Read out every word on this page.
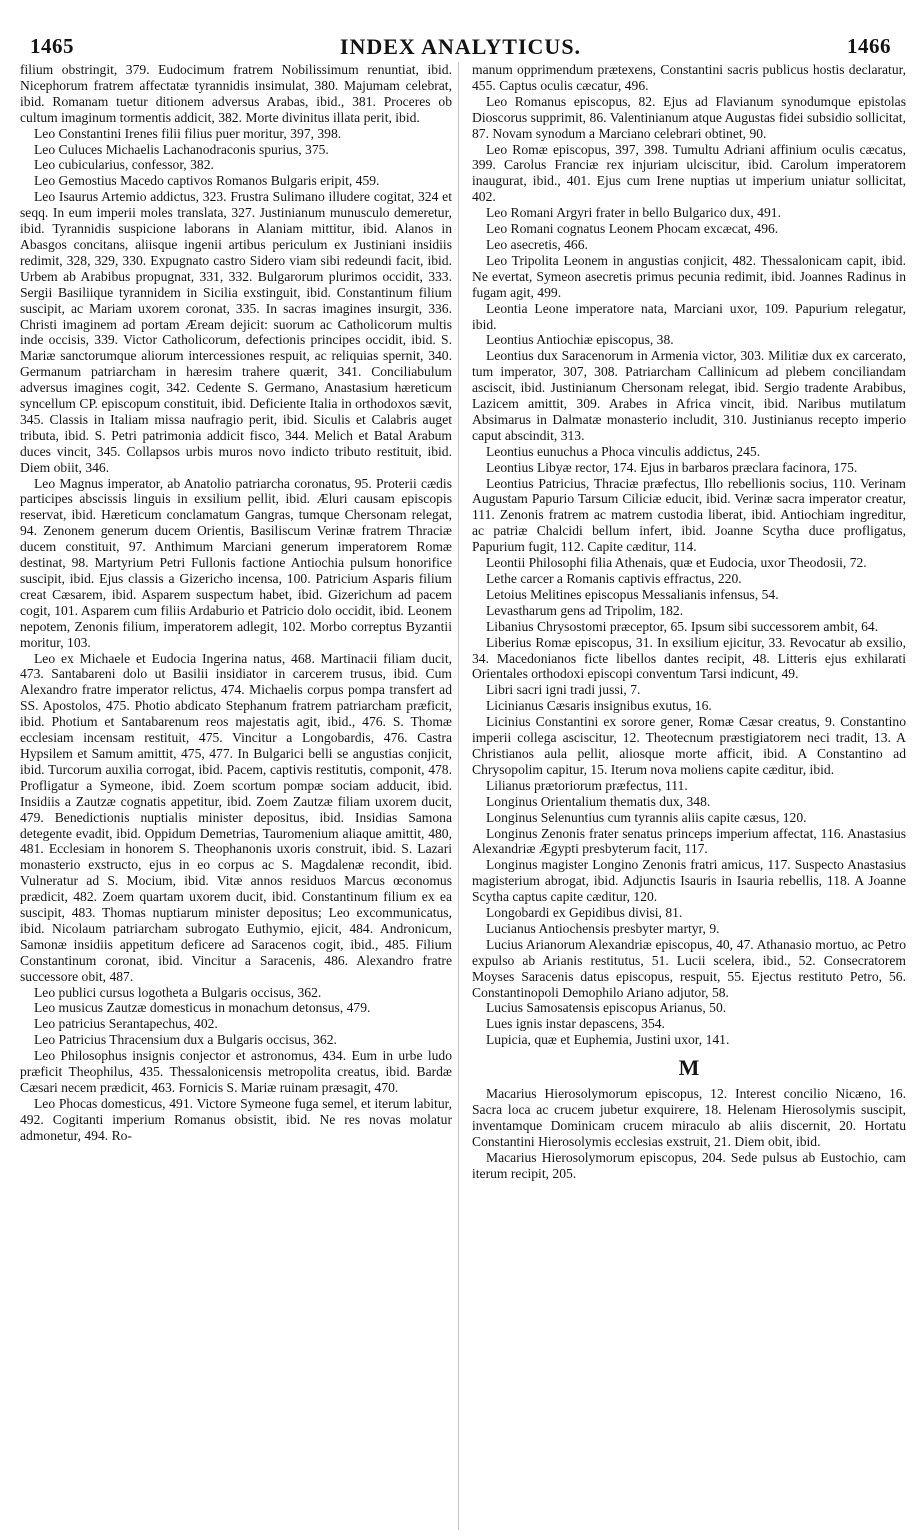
1465	INDEX ANALYTICUS.	1466

filium obstringit, 379. Eudocimum fratrem Nobilissimum renuntiat, ibid. Nicephorum fratrem affectatæ tyrannidis insimulat, 380. Majumam celebrat, ibid. Romanam tuetur ditionem adversus Arabas, ibid., 381. Proceres ob cultum imaginum tormentis addicit, 382. Morte divinitus illata perit, ibid.

Leo Constantini Irenes filii filius puer moritur, 397, 398.

Leo Culuces Michaelis Lachanodraconis spurius, 375.

Leo cubicularius, confessor, 382.

Leo Gemostius Macedo captivos Romanos Bulgaris eripit, 459.

Leo Isaurus Artemio addictus, 323. Frustra Sulimano illudere cogitat, 324 et seqq. In eum imperii moles translata, 327. Justinianum munusculo demeretur, ibid. Tyrannidis suspicione laborans in Alaniam mittitur, ibid. Alanos in Abasgos concitans, aliisque ingenii artibus periculum ex Justiniani insidiis redimit, 328, 329, 330. Expugnato castro Sidero viam sibi redeundi facit, ibid. Urbem ab Arabibus propugnat, 331, 332. Bulgarorum plurimos occidit, 333. Sergii Basiliique tyrannidem in Sicilia exstinguit, ibid. Constantinum filium suscipit, ac Mariam uxorem coronat, 335. In sacras imagines insurgit, 336. Christi imaginem ad portam Æream dejicit: suorum ac Catholicorum multis inde occisis, 339. Victor Catholicorum, defectionis principes occidit, ibid. S. Mariæ sanctorumque aliorum intercessiones respuit, ac reliquias spernit, 340. Germanum patriarcham in hæresim trahere quærit, 341. Conciliabulum adversus imagines cogit, 342. Cedente S. Germano, Anastasium hæreticum syncellum CP. episcopum constituit, ibid. Deficiente Italia in orthodoxos sævit, 345. Classis in Italiam missa naufragio perit, ibid. Siculis et Calabris auget tributa, ibid. S. Petri patrimonia addicit fisco, 344. Melich et Batal Arabum duces vincit, 345. Collapsos urbis muros novo indicto tributo restituit, ibid. Diem obiit, 346.

Leo Magnus imperator, ab Anatolio patriarcha coronatus, 95. Proterii cædis participes abscissis linguis in exsilium pellit, ibid. Æluri causam episcopis reservat, ibid. Hæreticum conclamatum Gangras, tumque Chersonam relegat, 94. Zenonem generum ducem Orientis, Basiliscum Verinæ fratrem Thraciæ ducem constituit, 97. Anthimum Marciani generum imperatorem Romæ destinat, 98. Martyrium Petri Fullonis factione Antiochia pulsum honorifice suscipit, ibid. Ejus classis a Gizericho incensa, 100. Patricium Asparis filium creat Cæsarem, ibid. Asparem suspectum habet, ibid. Gizerichum ad pacem cogit, 101. Asparem cum filiis Ardaburio et Patricio dolo occidit, ibid. Leonem nepotem, Zenonis filium, imperatorem adlegit, 102. Morbo correptus Byzantii moritur, 103.

Leo ex Michaele et Eudocia Ingerina natus, 468. Martinacii filiam ducit, 473. Santabareni dolo ut Basilii insidiator in carcerem trusus, ibid. Cum Alexandro fratre imperator relictus, 474. Michaelis corpus pompa transfert ad SS. Apostolos, 475. Photio abdicato Stephanum fratrem patriarcham præficit, ibid. Photium et Santabarenum reos majestatis agit, ibid., 476. S. Thomæ ecclesiam incensam restituit, 475. Vincitur a Longobardis, 476. Castra Hypsilem et Samum amittit, 475, 477. In Bulgarici belli se angustias conjicit, ibid. Turcorum auxilia corrogat, ibid. Pacem, captivis restitutis, componit, 478. Profligatur a Symeone, ibid. Zoem scortum pompæ sociam adducit, ibid. Insidiis a Zautzæ cognatis appetitur, ibid. Zoem Zautzæ filiam uxorem ducit, 479. Benedictionis nuptialis minister depositus, ibid. Insidias Samona detegente evadit, ibid. Oppidum Demetrias, Tauromenium aliaque amittit, 480, 481. Ecclesiam in honorem S. Theophanonis uxoris construit, ibid. S. Lazari monasterio exstructo, ejus in eo corpus ac S. Magdalenæ recondit, ibid. Vulneratur ad S. Mocium, ibid. Vitæ annos residuos Marcus œconomus prædicit, 482. Zoem quartam uxorem ducit, ibid. Constantinum filium ex ea suscipit, 483. Thomas nuptiarum minister depositus; Leo excommunicatus, ibid. Nicolaum patriarcham subrogato Euthymio, ejicit, 484. Andronicum, Samonæ insidiis appetitum deficere ad Saracenos cogit, ibid., 485. Filium Constantinum coronat, ibid. Vincitur a Saracenis, 486. Alexandro fratre successore obit, 487.

Leo publici cursus logotheta a Bulgaris occisus, 362.

Leo musicus Zautzæ domesticus in monachum detonsus, 479.

Leo patricius Serantapechus, 402.

Leo Patricius Thracensium dux a Bulgaris occisus, 362.

Leo Philosophus insignis conjector et astronomus, 434. Eum in urbe ludo præficit Theophilus, 435. Thessalonicensis metropolita creatus, ibid. Bardæ Cæsari necem prædicit, 463. Fornicis S. Mariæ ruinam præsagit, 470.

Leo Phocas domesticus, 491. Victore Symeone fuga semel, et iterum labitur, 492. Cogitanti imperium Romanus obsistit, ibid. Ne res novas molatur admonetur, 494. Ro-

manum opprimendum prætexens, Constantini sacris publicus hostis declaratur, 455. Captus oculis cæcatur, 496.

Leo Romanus episcopus, 82. Ejus ad Flavianum synodumque epistolas Dioscorus supprimit, 86. Valentinianum atque Augustas fidei subsidio sollicitat, 87. Novam synodum a Marciano celebrari obtinet, 90.

Leo Romæ episcopus, 397, 398. Tumultu Adriani affinium oculis cæcatus, 399. Carolus Franciæ rex injuriam ulciscitur, ibid. Carolum imperatorem inaugurat, ibid., 401. Ejus cum Irene nuptias ut imperium uniatur sollicitat, 402.

Leo Romani Argyri frater in bello Bulgarico dux, 491.

Leo Romani cognatus Leonem Phocam excæcat, 496.

Leo asecretis, 466.

Leo Tripolita Leonem in angustias conjicit, 482. Thessalonicam capit, ibid. Ne evertat, Symeon asecretis primus pecunia redimit, ibid. Joannes Radinus in fugam agit, 499.

Leontia Leone imperatore nata, Marciani uxor, 109. Papurium relegatur, ibid.

Leontius Antiochiæ episcopus, 38.

Leontius dux Saracenorum in Armenia victor, 303. Militiæ dux ex carcerato, tum imperator, 307, 308. Patriarcham Callinicum ad plebem conciliandam asciscit, ibid. Justinianum Chersonam relegat, ibid. Sergio tradente Arabibus, Lazicem amittit, 309. Arabes in Africa vincit, ibid. Naribus mutilatum Absimarus in Dalmatæ monasterio includit, 310. Justinianus recepto imperio caput abscindit, 313.

Leontius eunuchus a Phoca vinculis addictus, 245.

Leontius Libyæ rector, 174. Ejus in barbaros præclara facinora, 175.

Leontius Patricius, Thraciæ præfectus, Illo rebellionis socius, 110. Verinam Augustam Papurio Tarsum Ciliciæ educit, ibid. Verinæ sacra imperator creatur, 111. Zenonis fratrem ac matrem custodia liberat, ibid. Antiochiam ingreditur, ac patriæ Chalcidi bellum infert, ibid. Joanne Scytha duce profligatus, Papurium fugit, 112. Capite cæditur, 114.

Leontii Philosophi filia Athenais, quæ et Eudocia, uxor Theodosii, 72.

Lethe carcer a Romanis captivis effractus, 220.

Letoius Melitines episcopus Messalianis infensus, 54.

Levastharum gens ad Tripolim, 182.

Libanius Chrysostomi præceptor, 65. Ipsum sibi successorem ambit, 64.

Liberius Romæ episcopus, 31. In exsilium ejicitur, 33. Revocatur ab exsilio, 34. Macedonianos ficte libellos dantes recipit, 48. Litteris ejus exhilarati Orientales orthodoxi episcopi conventum Tarsi indicunt, 49.

Libri sacri igni tradi jussi, 7.

Licinianus Cæsaris insignibus exutus, 16.

Licinius Constantini ex sorore gener, Romæ Cæsar creatus, 9. Constantino imperii collega asciscitur, 12. Theotecnum præstigiatorem neci tradit, 13. A Christianos aula pellit, aliosque morte afficit, ibid. A Constantino ad Chrysopolim capitur, 15. Iterum nova moliens capite cæditur, ibid.

Lilianus prætoriorum præfectus, 111.

Longinus Orientalium thematis dux, 348.

Longinus Selenuntius cum tyrannis aliis capite cæsus, 120.

Longinus Zenonis frater senatus princeps imperium affectat, 116. Anastasius Alexandriæ Ægypti presbyterum facit, 117.

Longinus magister Longino Zenonis fratri amicus, 117. Suspecto Anastasius magisterium abrogat, ibid. Adjunctis Isauris in Isauria rebellis, 118. A Joanne Scytha captus capite cæditur, 120.

Longobardi ex Gepidibus divisi, 81.

Lucianus Antiochensis presbyter martyr, 9.

Lucius Arianorum Alexandriæ episcopus, 40, 47. Athanasio mortuo, ac Petro expulso ab Arianis restitutus, 51. Lucii scelera, ibid., 52. Consecratorem Moyses Saracenis datus episcopus, respuit, 55. Ejectus restituto Petro, 56. Constantinopoli Demophilo Ariano adjutor, 58.

Lucius Samosatensis episcopus Arianus, 50.

Lues ignis instar depascens, 354.

Lupicia, quæ et Euphemia, Justini uxor, 141.

M

Macarius Hierosolymorum episcopus, 12. Interest concilio Nicæno, 16. Sacra loca ac crucem jubetur exquirere, 18. Helenam Hierosolymis suscipit, inventamque Dominicam crucem miraculo ab aliis discernit, 20. Hortatu Constantini Hierosolymis ecclesias exstruit, 21. Diem obit, ibid.

Macarius Hierosolymorum episcopus, 204. Sede pulsus ab Eustochio, cam iterum recipit, 205.
